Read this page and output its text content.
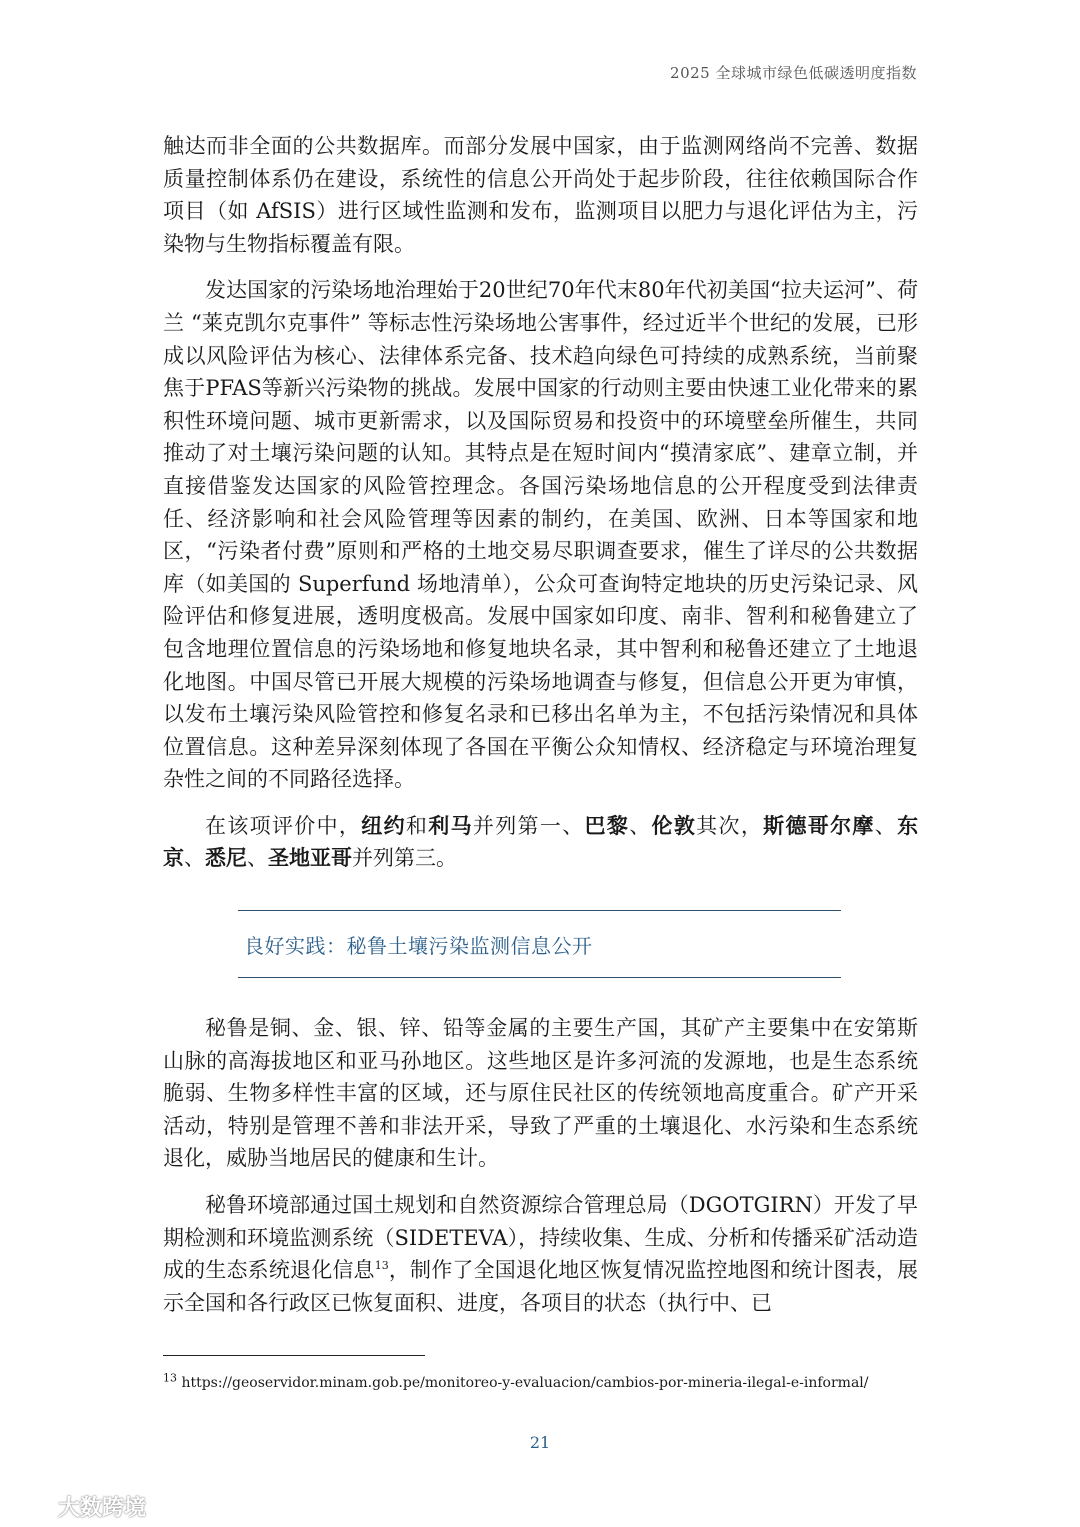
2025 全球城市绿色低碳透明度指数

触达而非全面的公共数据库。而部分发展中国家，由于监测网络尚不完善、数据质量控制体系仍在建设，系统性的信息公开尚处于起步阶段，往往依赖国际合作项目（如 AfSIS）进行区域性监测和发布，监测项目以肥力与退化评估为主，污染物与生物指标覆盖有限。

发达国家的污染场地治理始于20世纪70年代末80年代初美国“拉夫运河”、荷兰 “莱克凯尔克事件” 等标志性污染场地公害事件，经过近半个世纪的发展，已形成以风险评估为核心、法律体系完备、技术趋向绿色可持续的成熟系统，当前聚焦于PFAS等新兴污染物的挑战。发展中国家的行动则主要由快速工业化带来的累积性环境问题、城市更新需求，以及国际贸易和投资中的环境壁垒所催生，共同推动了对土壤污染问题的认知。其特点是在短时间内“摸清家底”、建章立制，并直接借鉴发达国家的风险管控理念。各国污染场地信息的公开程度受到法律责任、经济影响和社会风险管理等因素的制约，在美国、欧洲、日本等国家和地区，“污染者付费”原则和严格的土地交易尽职调查要求，催生了详尽的公共数据库（如美国的 Superfund 场地清单），公众可查询特定地块的历史污染记录、风险评估和修复进展，透明度极高。发展中国家如印度、南非、智利和秘鲁建立了包含地理位置信息的污染场地和修复地块名录，其中智利和秘鲁还建立了土地退化地图。中国尽管已开展大规模的污染场地调查与修复，但信息公开更为审慎，以发布土壤污染风险管控和修复名录和已移出名单为主，不包括污染情况和具体位置信息。这种差异深刻体现了各国在平衡公众知情权、经济稳定与环境治理复杂性之间的不同路径选择。

在该项评价中，纽约和利马并列第一、巴黎、伦敦其次，斯德哥尔摩、东京、悉尼、圣地亚哥并列第三。

良好实践：秘鲁土壤污染监测信息公开

秘鲁是铜、金、银、锌、铅等金属的主要生产国，其矿产主要集中在安第斯山脉的高海拔地区和亚马孙地区。这些地区是许多河流的发源地，也是生态系统脆弱、生物多样性丰富的区域，还与原住民社区的传统领地高度重合。矿产开采活动，特别是管理不善和非法开采，导致了严重的土壤退化、水污染和生态系统退化，威胁当地居民的健康和生计。

秘鲁环境部通过国土规划和自然资源综合管理总局（DGOTGIRN）开发了早期检测和环境监测系统（SIDETEVA），持续收集、生成、分析和传播采矿活动造成的生态系统退化信息$^{13}$，制作了全国退化地区恢复情况监控地图和统计图表，展示全国和各行政区已恢复面积、进度，各项目的状态（执行中、已

$^{13}$ https://geoservidor.minam.gob.pe/monitoreo-y-evaluacion/cambios-por-mineria-ilegal-e-informal/
21
大数跨境
